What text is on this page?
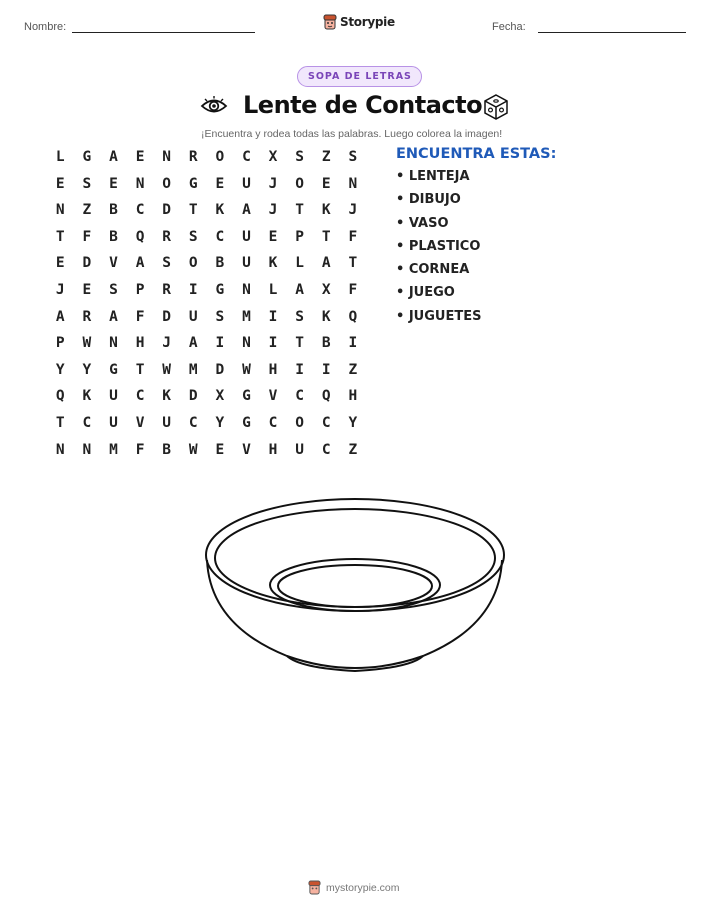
Nombre:	Storypie	Fecha:
SOPA DE LETRAS
Lente de Contacto
¡Encuentra y rodea todas las palabras. Luego colorea la imagen!
L	G	A	E	N	R	O	C	X	S	Z	S
E	S	E	N	O	G	E	U	J	O	E	N
N	Z	B	C	D	T	K	A	J	T	K	J
T	F	B	Q	R	S	C	U	E	P	T	F
E	D	V	A	S	O	B	U	K	L	A	T
J	E	S	P	R	I	G	N	L	A	X	F
A	R	A	F	D	U	S	M	I	S	K	Q
P	W	N	H	J	A	I	N	I	T	B	I
Y	Y	G	T	W	M	D	W	H	I	I	Z
Q	K	U	C	K	D	X	G	V	C	Q	H
T	C	U	V	U	C	Y	G	C	O	C	Y
N	N	M	F	B	W	E	V	H	U	C	Z
ENCUENTRA ESTAS:
• LENTEJA
• DIBUJO
• VASO
• PLASTICO
• CORNEA
• JUEGO
• JUGUETES
mystorypie.com
